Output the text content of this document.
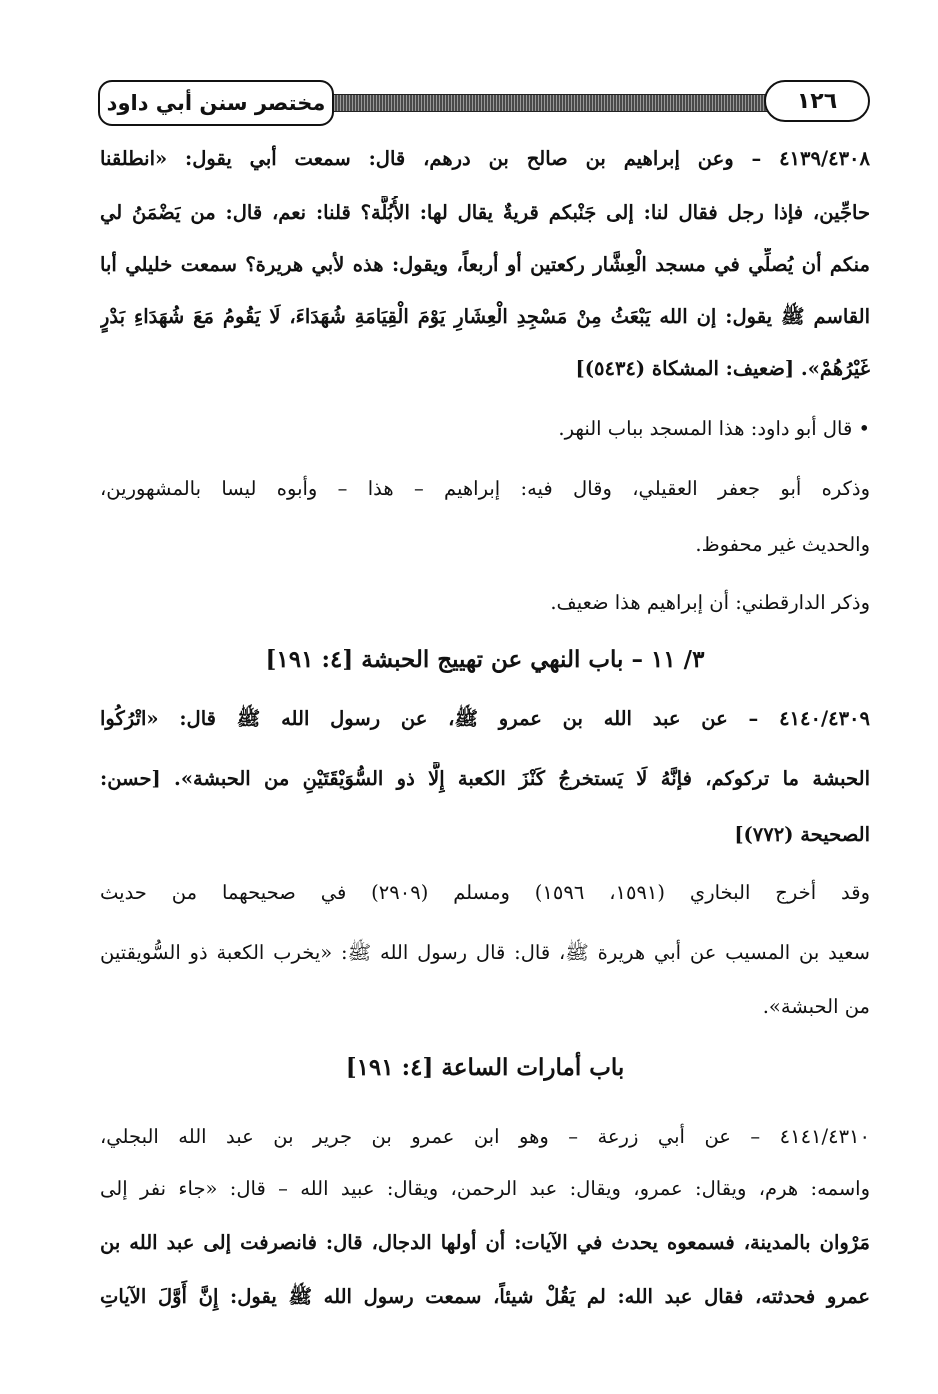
مختصر سنن أبي داود	١٢٦
٤١٣٩/٤٣٠٨ – وعن إبراهيم بن صالح بن درهم، قال: سمعت أبي يقول: «انطلقنا
حاجِّين، فإذا رجل فقال لنا: إلى جَنْبكم قريةٌ يقال لها: الأُبُلَّة؟ قلنا: نعم، قال: من يَضْمَنُ لي
منكم أن يُصلِّي في مسجد الْعِشَّار ركعتين أو أربعاً، ويقول: هذه لأبي هريرة؟ سمعت خليلي أبا
القاسم ﷺ يقول: إن الله يَبْعَثُ مِنْ مَسْجِدِ الْعِشَارِ يَوْمَ الْقِيَامَةِ شُهَدَاءَ، لَا يَقُومُ مَعَ شُهَدَاءِ بَدْرٍ
غَيْرُهُمْ». [ضعيف: المشكاة (٥٤٣٤)]
• قال أبو داود: هذا المسجد بباب النهر.
وذكره أبو جعفر العقيلي، وقال فيه: إبراهيم – هذا – وأبوه ليسا بالمشهورين،
والحديث غير محفوظ.
وذكر الدارقطني: أن إبراهيم هذا ضعيف.
٣/ ١١ – باب النهي عن تهييج الحبشة [٤: ١٩١]
٤١٤٠/٤٣٠٩ – عن عبد الله بن عمرو ﷺ، عن رسول الله ﷺ قال: «اتْرُكُوا
الحبشة ما تركوكم، فإنَّهُ لَا يَستخرجُ كَنْزَ الكعبة إِلَّا ذو السُّوَيْقَتَيْنِ من الحبشة». [حسن:
الصحيحة (٧٧٢)]
وقد أخرج البخاري (١٥٩١، ١٥٩٦) ومسلم (٢٩٠٩) في صحيحهما من حديث
سعيد بن المسيب عن أبي هريرة ﷺ، قال: قال رسول الله ﷺ: «يخرب الكعبة ذو السُّويقتين
من الحبشة».
باب أمارات الساعة [٤: ١٩١]
٤١٤١/٤٣١٠ – عن أبي زرعة – وهو ابن عمرو بن جرير بن عبد الله البجلي،
واسمه: هرم، ويقال: عمرو، ويقال: عبد الرحمن، ويقال: عبيد الله – قال: «جاء نفر إلى
مَرْوان بالمدينة، فسمعوه يحدث في الآيات: أن أولها الدجال، قال: فانصرفت إلى عبد الله بن
عمرو فحدثته، فقال عبد الله: لم يَقُلْ شيئاً، سمعت رسول الله ﷺ يقول: إِنَّ أَوَّلَ الآياتِ
